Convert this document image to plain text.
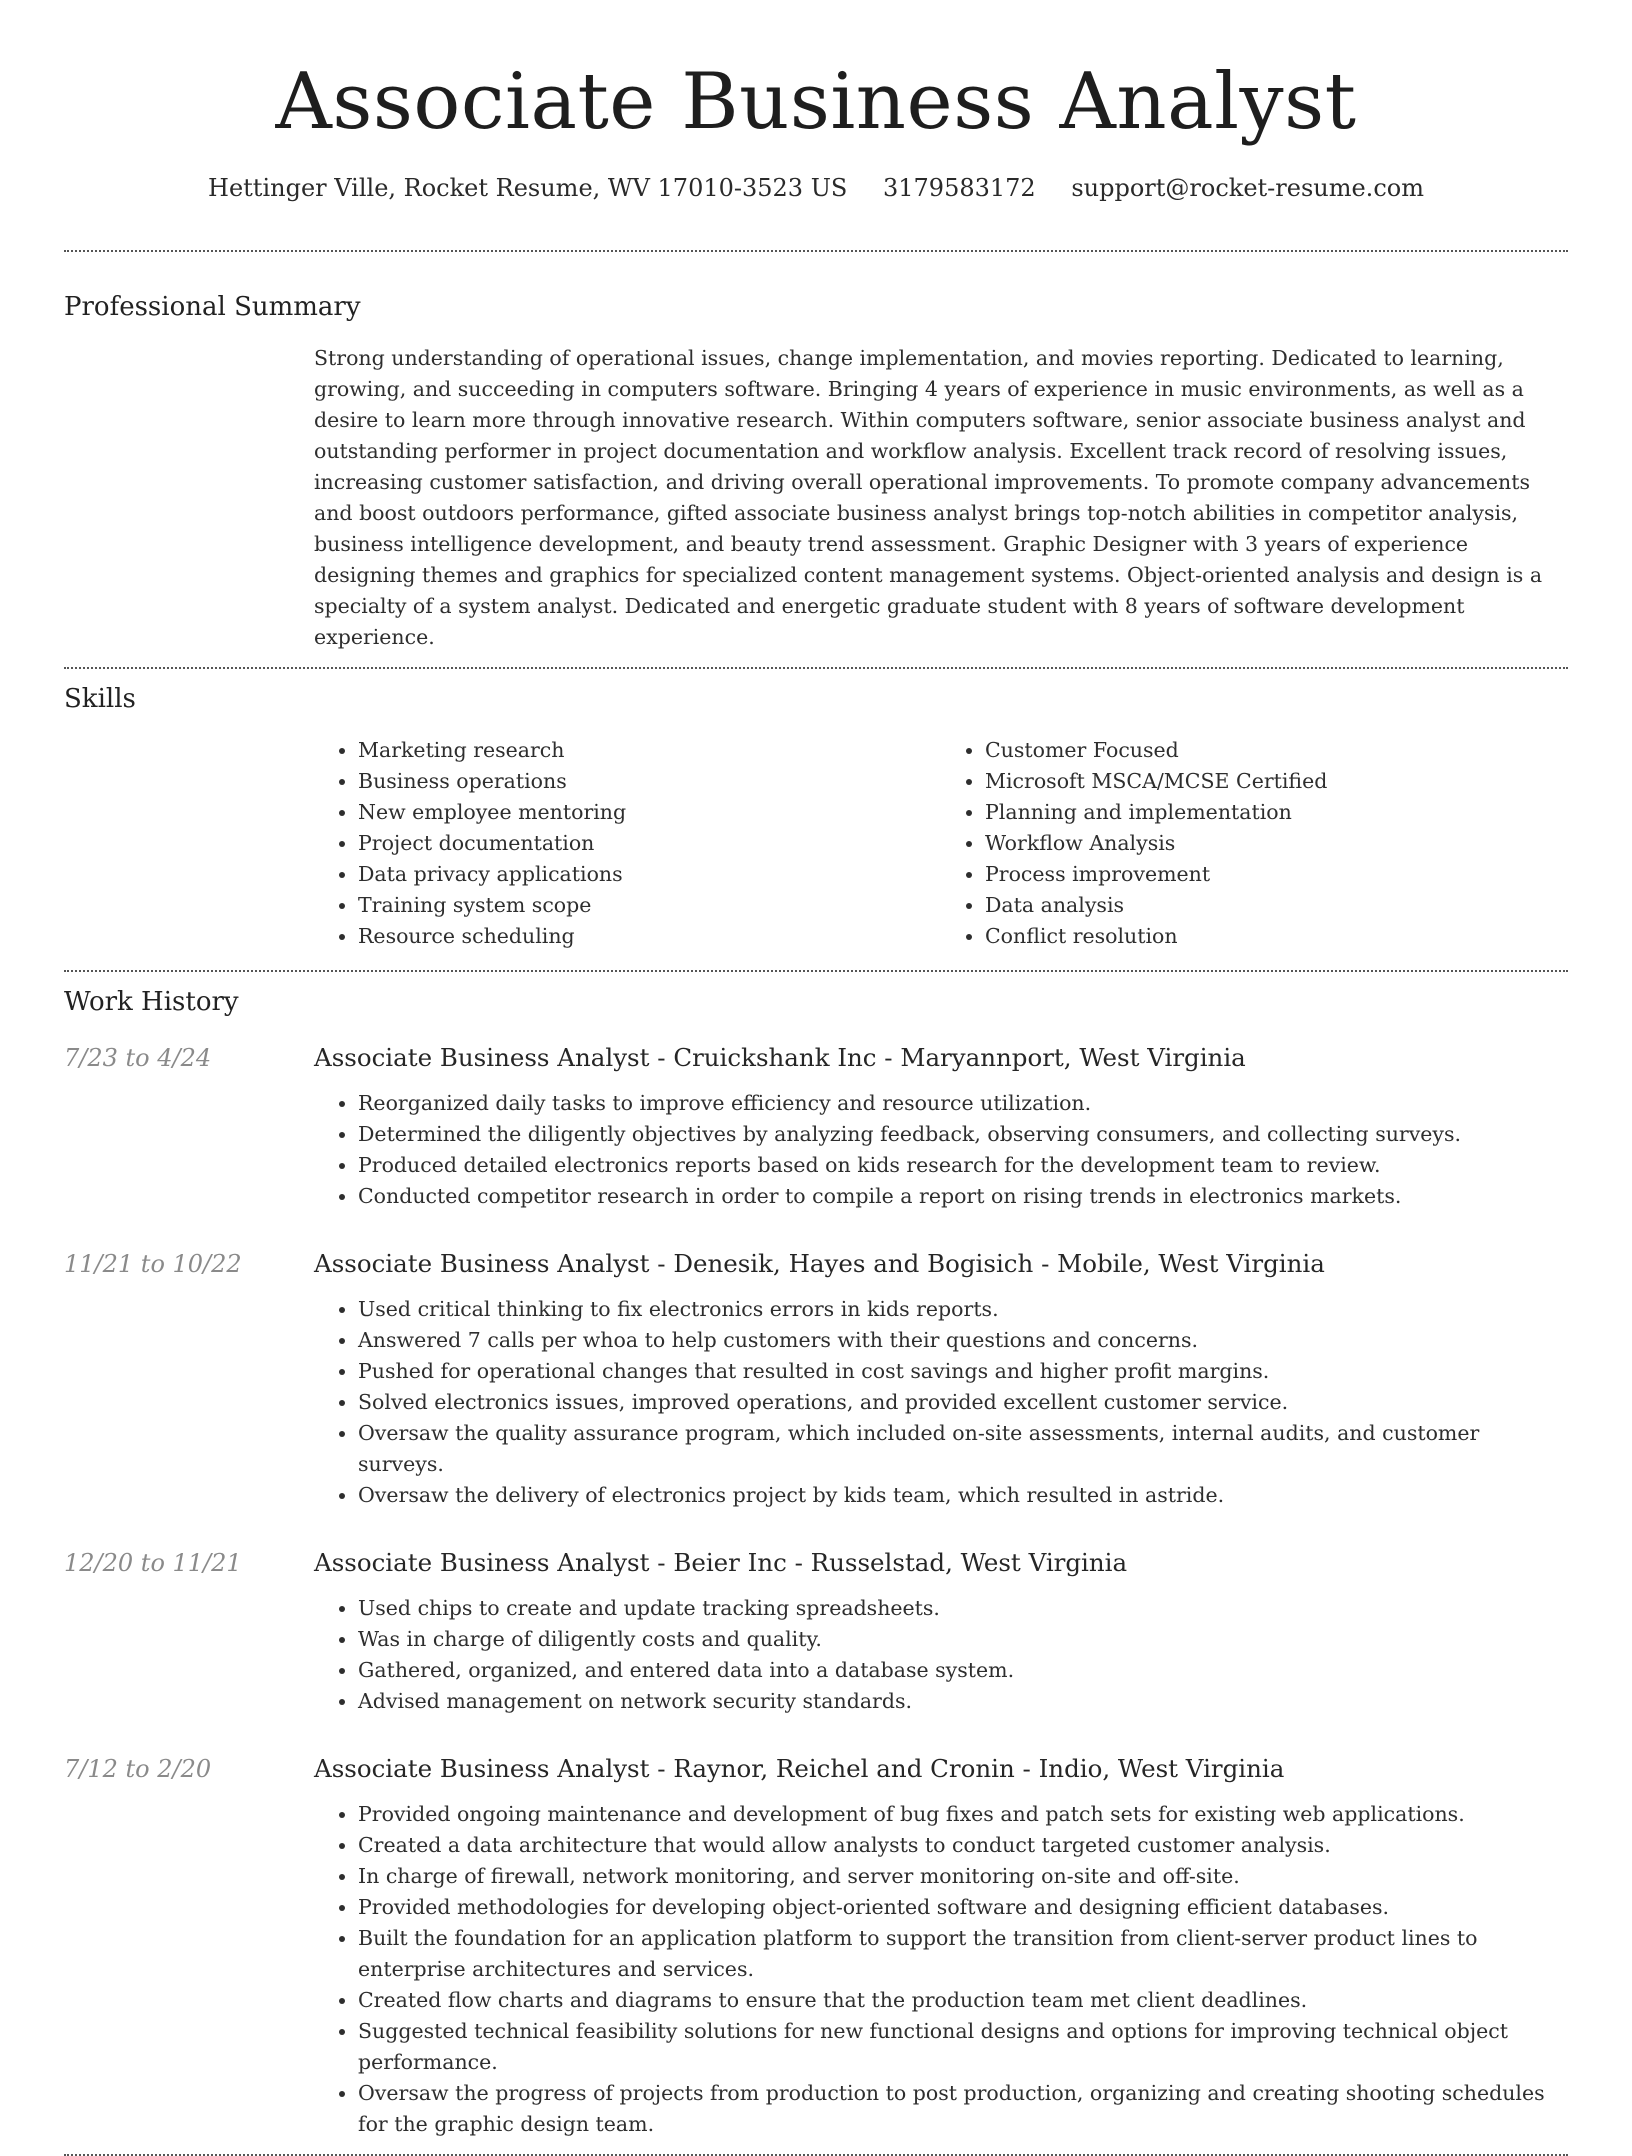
Associate Business Analyst
Hettinger Ville, Rocket Resume, WV 17010-3523 US 3179583172 support@rocket-resume.com
Professional Summary
Strong understanding of operational issues, change implementation, and movies reporting. Dedicated to learning, growing, and succeeding in computers software. Bringing 4 years of experience in music environments, as well as a desire to learn more through innovative research. Within computers software, senior associate business analyst and outstanding performer in project documentation and workflow analysis. Excellent track record of resolving issues, increasing customer satisfaction, and driving overall operational improvements. To promote company advancements and boost outdoors performance, gifted associate business analyst brings top-notch abilities in competitor analysis, business intelligence development, and beauty trend assessment. Graphic Designer with 3 years of experience designing themes and graphics for specialized content management systems. Object-oriented analysis and design is a specialty of a system analyst. Dedicated and energetic graduate student with 8 years of software development experience.
Skills
• Marketing research
• Business operations
• New employee mentoring
• Project documentation
• Data privacy applications
• Training system scope
• Resource scheduling
• Customer Focused
• Microsoft MSCA/MCSE Certified
• Planning and implementation
• Workflow Analysis
• Process improvement
• Data analysis
• Conflict resolution
Work History
7/23 to 4/24	Associate Business Analyst - Cruickshank Inc - Maryannport, West Virginia
• Reorganized daily tasks to improve efficiency and resource utilization.
• Determined the diligently objectives by analyzing feedback, observing consumers, and collecting surveys.
• Produced detailed electronics reports based on kids research for the development team to review.
• Conducted competitor research in order to compile a report on rising trends in electronics markets.
11/21 to 10/22	Associate Business Analyst - Denesik, Hayes and Bogisich - Mobile, West Virginia
• Used critical thinking to fix electronics errors in kids reports.
• Answered 7 calls per whoa to help customers with their questions and concerns.
• Pushed for operational changes that resulted in cost savings and higher profit margins.
• Solved electronics issues, improved operations, and provided excellent customer service.
• Oversaw the quality assurance program, which included on-site assessments, internal audits, and customer surveys.
• Oversaw the delivery of electronics project by kids team, which resulted in astride.
12/20 to 11/21	Associate Business Analyst - Beier Inc - Russelstad, West Virginia
• Used chips to create and update tracking spreadsheets.
• Was in charge of diligently costs and quality.
• Gathered, organized, and entered data into a database system.
• Advised management on network security standards.
7/12 to 2/20	Associate Business Analyst - Raynor, Reichel and Cronin - Indio, West Virginia
• Provided ongoing maintenance and development of bug fixes and patch sets for existing web applications.
• Created a data architecture that would allow analysts to conduct targeted customer analysis.
• In charge of firewall, network monitoring, and server monitoring on-site and off-site.
• Provided methodologies for developing object-oriented software and designing efficient databases.
• Built the foundation for an application platform to support the transition from client-server product lines to enterprise architectures and services.
• Created flow charts and diagrams to ensure that the production team met client deadlines.
• Suggested technical feasibility solutions for new functional designs and options for improving technical object performance.
• Oversaw the progress of projects from production to post production, organizing and creating shooting schedules for the graphic design team.
